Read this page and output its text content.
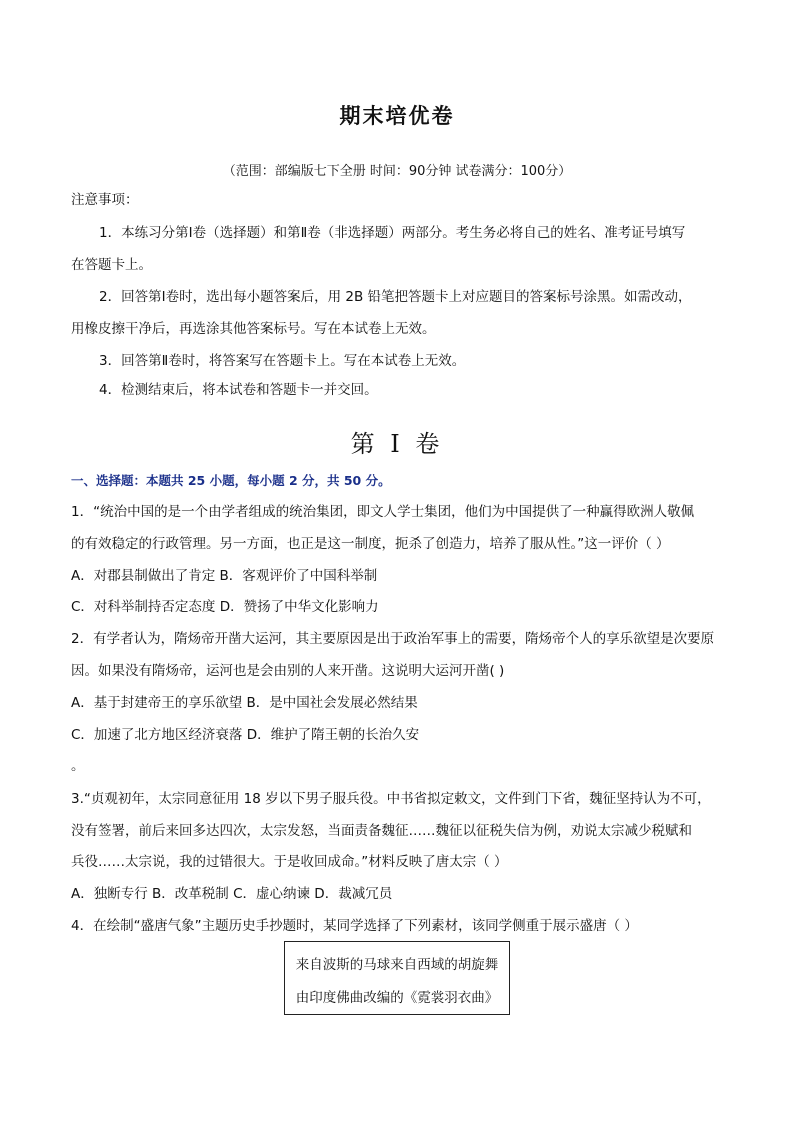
期末培优卷
（范围：部编版七下全册 时间：90分钟 试卷满分：100分）
注意事项：
1．本练习分第Ⅰ卷（选择题）和第Ⅱ卷（非选择题）两部分。考生务必将自己的姓名、准考证号填写
在答题卡上。
2．回答第Ⅰ卷时，选出每小题答案后，用 2B 铅笔把答题卡上对应题目的答案标号涂黑。如需改动，
用橡皮擦干净后，再选涂其他答案标号。写在本试卷上无效。
3．回答第Ⅱ卷时，将答案写在答题卡上。写在本试卷上无效。
4．检测结束后，将本试卷和答题卡一并交回。
第 I 卷
一、选择题：本题共 25 小题，每小题 2 分，共 50 分。
1．“统治中国的是一个由学者组成的统治集团，即文人学士集团，他们为中国提供了一种赢得欧洲人敬佩
的有效稳定的行政管理。另一方面，也正是这一制度，扼杀了创造力，培养了服从性。”这一评价（ ）
A．对郡县制做出了肯定 B．客观评价了中国科举制
C．对科举制持否定态度 D．赞扬了中华文化影响力
2．有学者认为，隋炀帝开凿大运河，其主要原因是出于政治军事上的需要，隋炀帝个人的享乐欲望是次要原
因。如果没有隋炀帝，运河也是会由别的人来开凿。这说明大运河开凿( )
A．基于封建帝王的享乐欲望 B．是中国社会发展必然结果
C．加速了北方地区经济衰落 D．维护了隋王朝的长治久安
。
3.“贞观初年，太宗同意征用 18 岁以下男子服兵役。中书省拟定敕文，文件到门下省，魏征坚持认为不可，
没有签署，前后来回多达四次，太宗发怒，当面责备魏征……魏征以征税失信为例，劝说太宗减少税赋和
兵役……太宗说，我的过错很大。于是收回成命。”材料反映了唐太宗（ ）
A．独断专行 B．改革税制 C．虚心纳谏 D．裁减冗员
4．在绘制“盛唐气象”主题历史手抄题时，某同学选择了下列素材，该同学侧重于展示盛唐（ ）
来自波斯的马球来自西域的胡旋舞
由印度佛曲改编的《霓裳羽衣曲》
